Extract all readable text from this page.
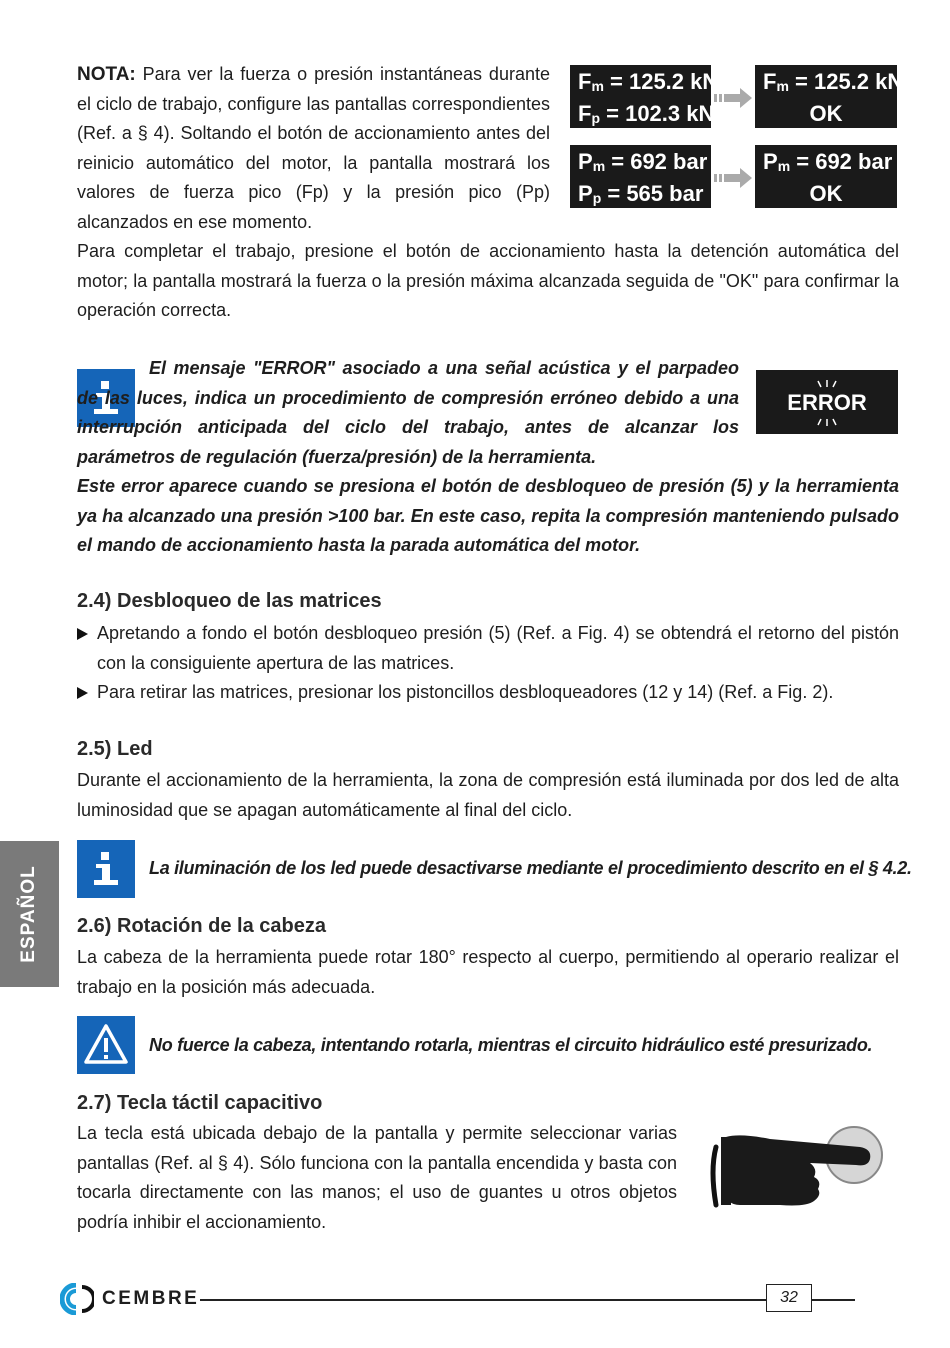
NOTA: Para ver la fuerza o presión instantáneas durante el ciclo de trabajo, configure las pantallas correspondientes (Ref. a § 4). Soltando el botón de accionamiento antes del reinicio automático del motor, la pantalla mostrará los valores de fuerza pico (Fp) y la presión pico (Pp) alcanzados en ese momento.

$F_m = 125.2$ kN
$F_p = 102.3$ kN
$F_m = 125.2$ kN
OK
$P_m = 692$ bar
$P_p = 565$ bar
$P_m = 692$ bar
OK

Para completar el trabajo, presione el botón de accionamiento hasta la detención automática del motor; la pantalla mostrará la fuerza o la presión máxima alcanzada seguida de "OK" para confirmar la operación correcta.

El mensaje "ERROR" asociado a una señal acústica y el parpadeo de las luces, indica un procedimiento de compresión erróneo debido a una interrupción anticipada del ciclo del trabajo, antes de alcanzar los parámetros de regulación (fuerza/presión) de la herramienta.

ERROR

Este error aparece cuando se presiona el botón de desbloqueo de presión (5) y la herramienta ya ha alcanzado una presión >100 bar. En este caso, repita la compresión manteniendo pulsado el mando de accionamiento hasta la parada automática del motor.

2.4) Desbloqueo de las matrices

Apretando a fondo el botón desbloqueo presión (5) (Ref. a Fig. 4) se obtendrá el retorno del pistón con la consiguiente apertura de las matrices.

Para retirar las matrices, presionar los pistoncillos desbloqueadores (12 y 14) (Ref. a Fig. 2).

2.5) Led

Durante el accionamiento de la herramienta, la zona de compresión está iluminada por dos led de alta luminosidad que se apagan automáticamente al final del ciclo.

La iluminación de los led puede desactivarse mediante el procedimiento descrito en el § 4.2.

ESPAÑOL 2.6) Rotación de la cabeza

La cabeza de la herramienta puede rotar 180° respecto al cuerpo, permitiendo al operario realizar el trabajo en la posición más adecuada.

No fuerce la cabeza, intentando rotarla, mientras el circuito hidráulico esté presurizado.

2.7) Tecla táctil capacitivo

La tecla está ubicada debajo de la pantalla y permite seleccionar varias pantallas (Ref. al § 4). Sólo funciona con la pantalla encendida y basta con tocarla directamente con las manos; el uso de guantes u otros objetos podría inhibir el accionamiento.

CEMBRE	32
